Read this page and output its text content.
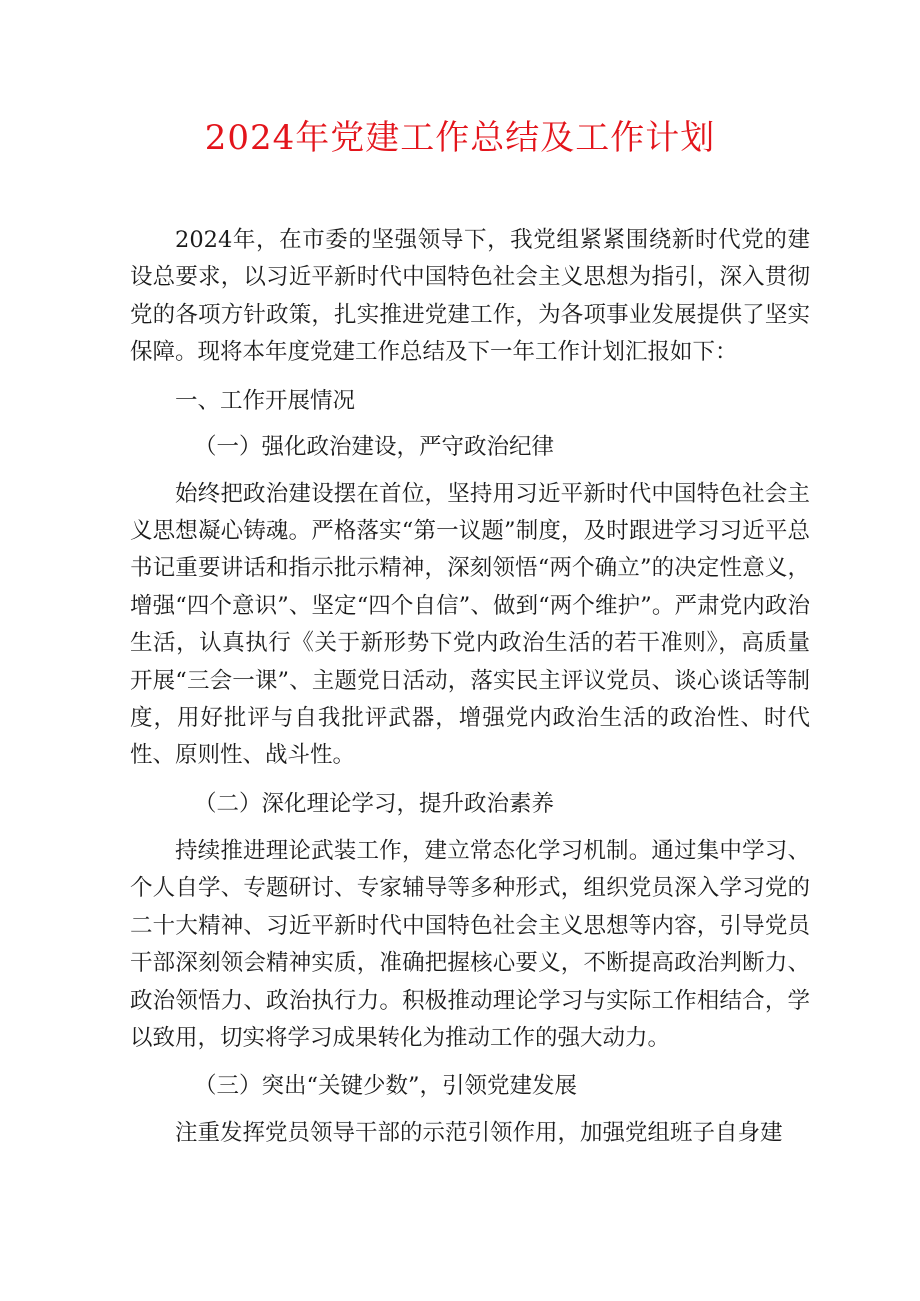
2024年党建工作总结及工作计划

2024年，在市委的坚强领导下，我党组紧紧围绕新时代党的建设总要求，以习近平新时代中国特色社会主义思想为指引，深入贯彻党的各项方针政策，扎实推进党建工作，为各项事业发展提供了坚实保障。现将本年度党建工作总结及下一年工作计划汇报如下：

一、工作开展情况

（一）强化政治建设，严守政治纪律

始终把政治建设摆在首位，坚持用习近平新时代中国特色社会主义思想凝心铸魂。严格落实“第一议题”制度，及时跟进学习习近平总书记重要讲话和指示批示精神，深刻领悟“两个确立”的决定性意义，增强“四个意识”、坚定“四个自信”、做到“两个维护”。严肃党内政治生活，认真执行《关于新形势下党内政治生活的若干准则》，高质量开展“三会一课”、主题党日活动，落实民主评议党员、谈心谈话等制度，用好批评与自我批评武器，增强党内政治生活的政治性、时代性、原则性、战斗性。

（二）深化理论学习，提升政治素养

持续推进理论武装工作，建立常态化学习机制。通过集中学习、个人自学、专题研讨、专家辅导等多种形式，组织党员深入学习党的二十大精神、习近平新时代中国特色社会主义思想等内容，引导党员干部深刻领会精神实质，准确把握核心要义，不断提高政治判断力、政治领悟力、政治执行力。积极推动理论学习与实际工作相结合，学以致用，切实将学习成果转化为推动工作的强大动力。

（三）突出“关键少数”，引领党建发展

注重发挥党员领导干部的示范引领作用，加强党组班子自身建
